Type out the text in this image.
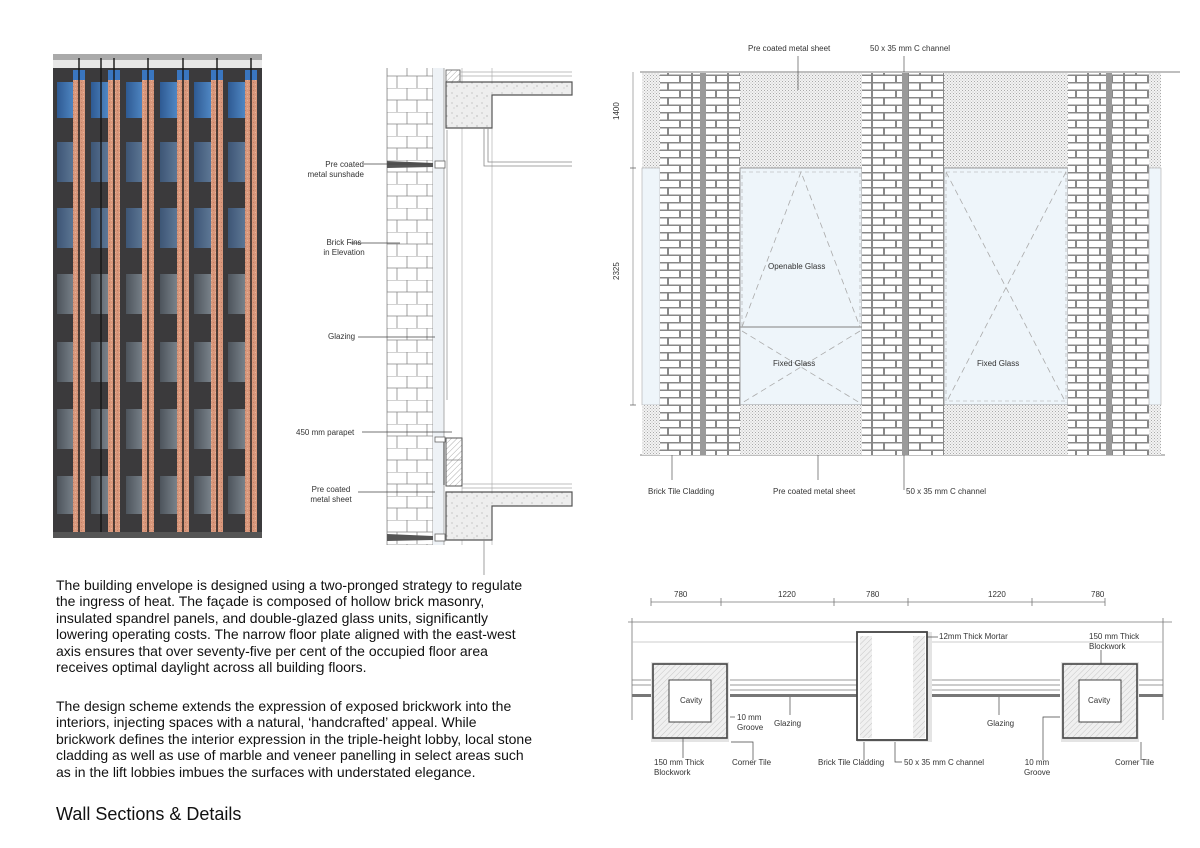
Pre coated
metal sunshade
Brick Fins
in Elevation
Glazing
450 mm parapet
Pre coated
metal sheet
Pre coated metal sheet	50 x 35 mm C channel
Brick Tile Cladding	Pre coated metal sheet	50 x 35 mm C channel
1400
2325	Openable Glass
Fixed Glass	Fixed Glass
780	1220	780	1220	780
12mm Thick Mortar	150 mm Thick
Blockwork
Cavity	Cavity
10 mm
Groove Glazing	Glazing
150 mm Thick
Blockwork
Corner Tile	Brick Tile Cladding 50 x 35 mm C channel	10 mm
Groove
Corner Tile

The building envelope is designed using a two-pronged strategy to regulate the ingress of heat. The façade is composed of hollow brick masonry, insulated spandrel panels, and double-glazed glass units, significantly lowering operating costs. The narrow floor plate aligned with the east-west axis ensures that over seventy-five per cent of the occupied floor area receives optimal daylight across all building floors.

The design scheme extends the expression of exposed brickwork into the interiors, injecting spaces with a natural, ‘handcrafted’ appeal. While brickwork defines the interior expression in the triple-height lobby, local stone cladding as well as use of marble and veneer panelling in select areas such as in the lift lobbies imbues the surfaces with understated elegance.

Wall Sections & Details
